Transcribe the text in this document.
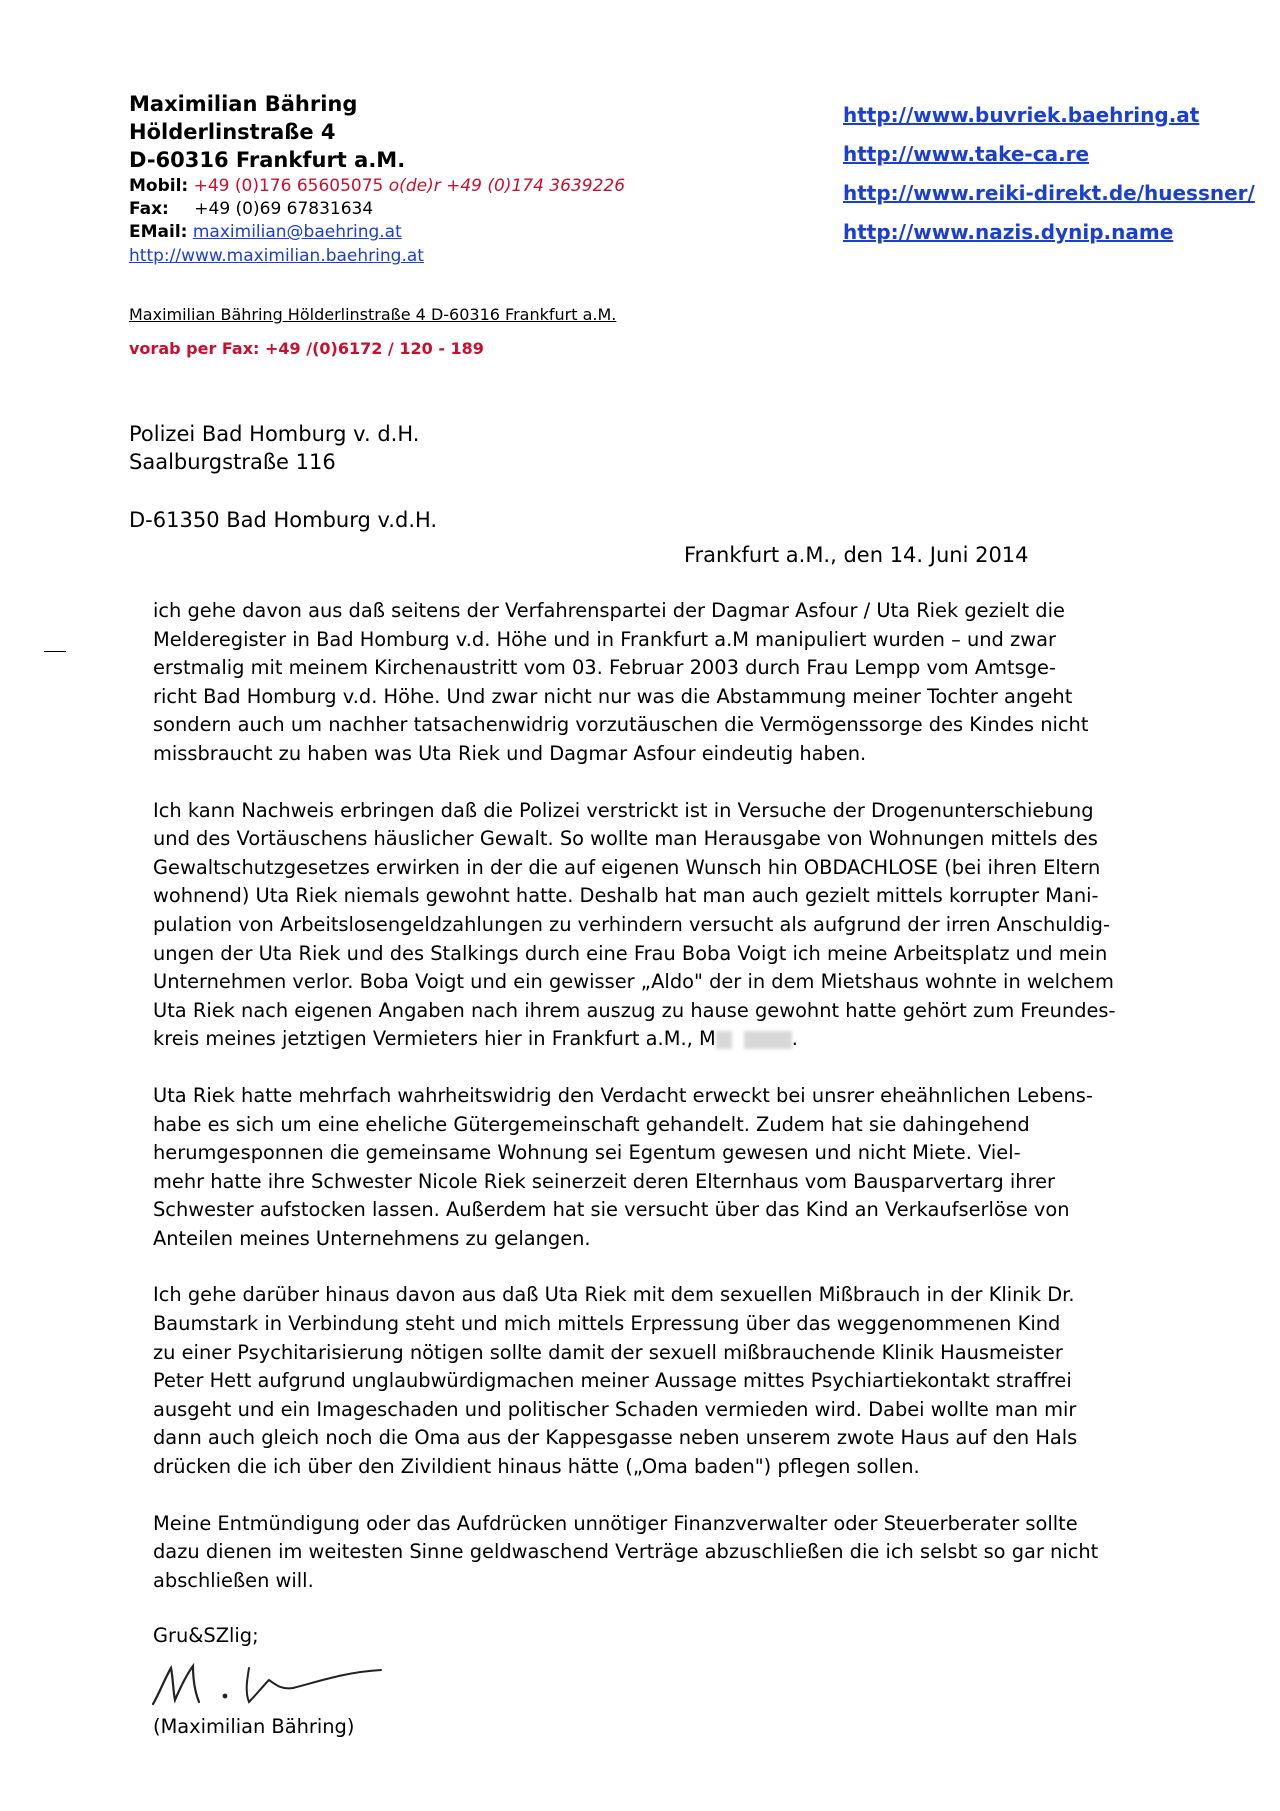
Maximilian Bähring
Hölderlinstraße 4
D-60316 Frankfurt a.M.
Mobil: +49 (0)176 65605075 o(de)r +49 (0)174 3639226
Fax: +49 (0)69 67831634
EMail: maximilian@baehring.at
http://www.maximilian.baehring.at
http://www.buvriek.baehring.at
http://www.take-ca.re
http://www.reiki-direkt.de/huessner/
http://www.nazis.dynip.name
Maximilian Bähring Hölderlinstraße 4 D-60316 Frankfurt a.M.
vorab per Fax: +49 /(0)6172 / 120 - 189
Polizei Bad Homburg v. d.H.
Saalburgstraße 116
D-61350 Bad Homburg v.d.H.
Frankfurt a.M., den 14. Juni 2014

ich gehe davon aus daß seitens der Verfahrenspartei der Dagmar Asfour / Uta Riek gezielt die
Melderegister in Bad Homburg v.d. Höhe und in Frankfurt a.M manipuliert wurden – und zwar
erstmalig mit meinem Kirchenaustritt vom 03. Februar 2003 durch Frau Lempp vom Amtsge-
richt Bad Homburg v.d. Höhe. Und zwar nicht nur was die Abstammung meiner Tochter angeht
sondern auch um nachher tatsachenwidrig vorzutäuschen die Vermögenssorge des Kindes nicht
missbraucht zu haben was Uta Riek und Dagmar Asfour eindeutig haben.

Ich kann Nachweis erbringen daß die Polizei verstrickt ist in Versuche der Drogenunterschiebung
und des Vortäuschens häuslicher Gewalt. So wollte man Herausgabe von Wohnungen mittels des
Gewaltschutzgesetzes erwirken in der die auf eigenen Wunsch hin OBDACHLOSE (bei ihren Eltern
wohnend) Uta Riek niemals gewohnt hatte. Deshalb hat man auch gezielt mittels korrupter Mani-
pulation von Arbeitslosengeldzahlungen zu verhindern versucht als aufgrund der irren Anschuldig-
ungen der Uta Riek und des Stalkings durch eine Frau Boba Voigt ich meine Arbeitsplatz und mein
Unternehmen verlor. Boba Voigt und ein gewisser „Aldo" der in dem Mietshaus wohnte in welchem
Uta Riek nach eigenen Angaben nach ihrem auszug zu hause gewohnt hatte gehört zum Freundes-
kreis meines jetztigen Vermieters hier in Frankfurt a.M., M	.

Uta Riek hatte mehrfach wahrheitswidrig den Verdacht erweckt bei unsrer eheähnlichen Lebens-
habe es sich um eine eheliche Gütergemeinschaft gehandelt. Zudem hat sie dahingehend
herumgesponnen die gemeinsame Wohnung sei Egentum gewesen und nicht Miete. Viel-
mehr hatte ihre Schwester Nicole Riek seinerzeit deren Elternhaus vom Bausparvertarg ihrer
Schwester aufstocken lassen. Außerdem hat sie versucht über das Kind an Verkaufserlöse von
Anteilen meines Unternehmens zu gelangen.

Ich gehe darüber hinaus davon aus daß Uta Riek mit dem sexuellen Mißbrauch in der Klinik Dr.
Baumstark in Verbindung steht und mich mittels Erpressung über das weggenommenen Kind
zu einer Psychitarisierung nötigen sollte damit der sexuell mißbrauchende Klinik Hausmeister
Peter Hett aufgrund unglaubwürdigmachen meiner Aussage mittes Psychiartiekontakt straffrei
ausgeht und ein Imageschaden und politischer Schaden vermieden wird. Dabei wollte man mir
dann auch gleich noch die Oma aus der Kappesgasse neben unserem zwote Haus auf den Hals
drücken die ich über den Zivildient hinaus hätte („Oma baden") pflegen sollen.

Meine Entmündigung oder das Aufdrücken unnötiger Finanzverwalter oder Steuerberater sollte
dazu dienen im weitesten Sinne geldwaschend Verträge abzuschließen die ich selsbt so gar nicht
abschließen will.

Gru&SZlig;
(Maximilian Bähring)
